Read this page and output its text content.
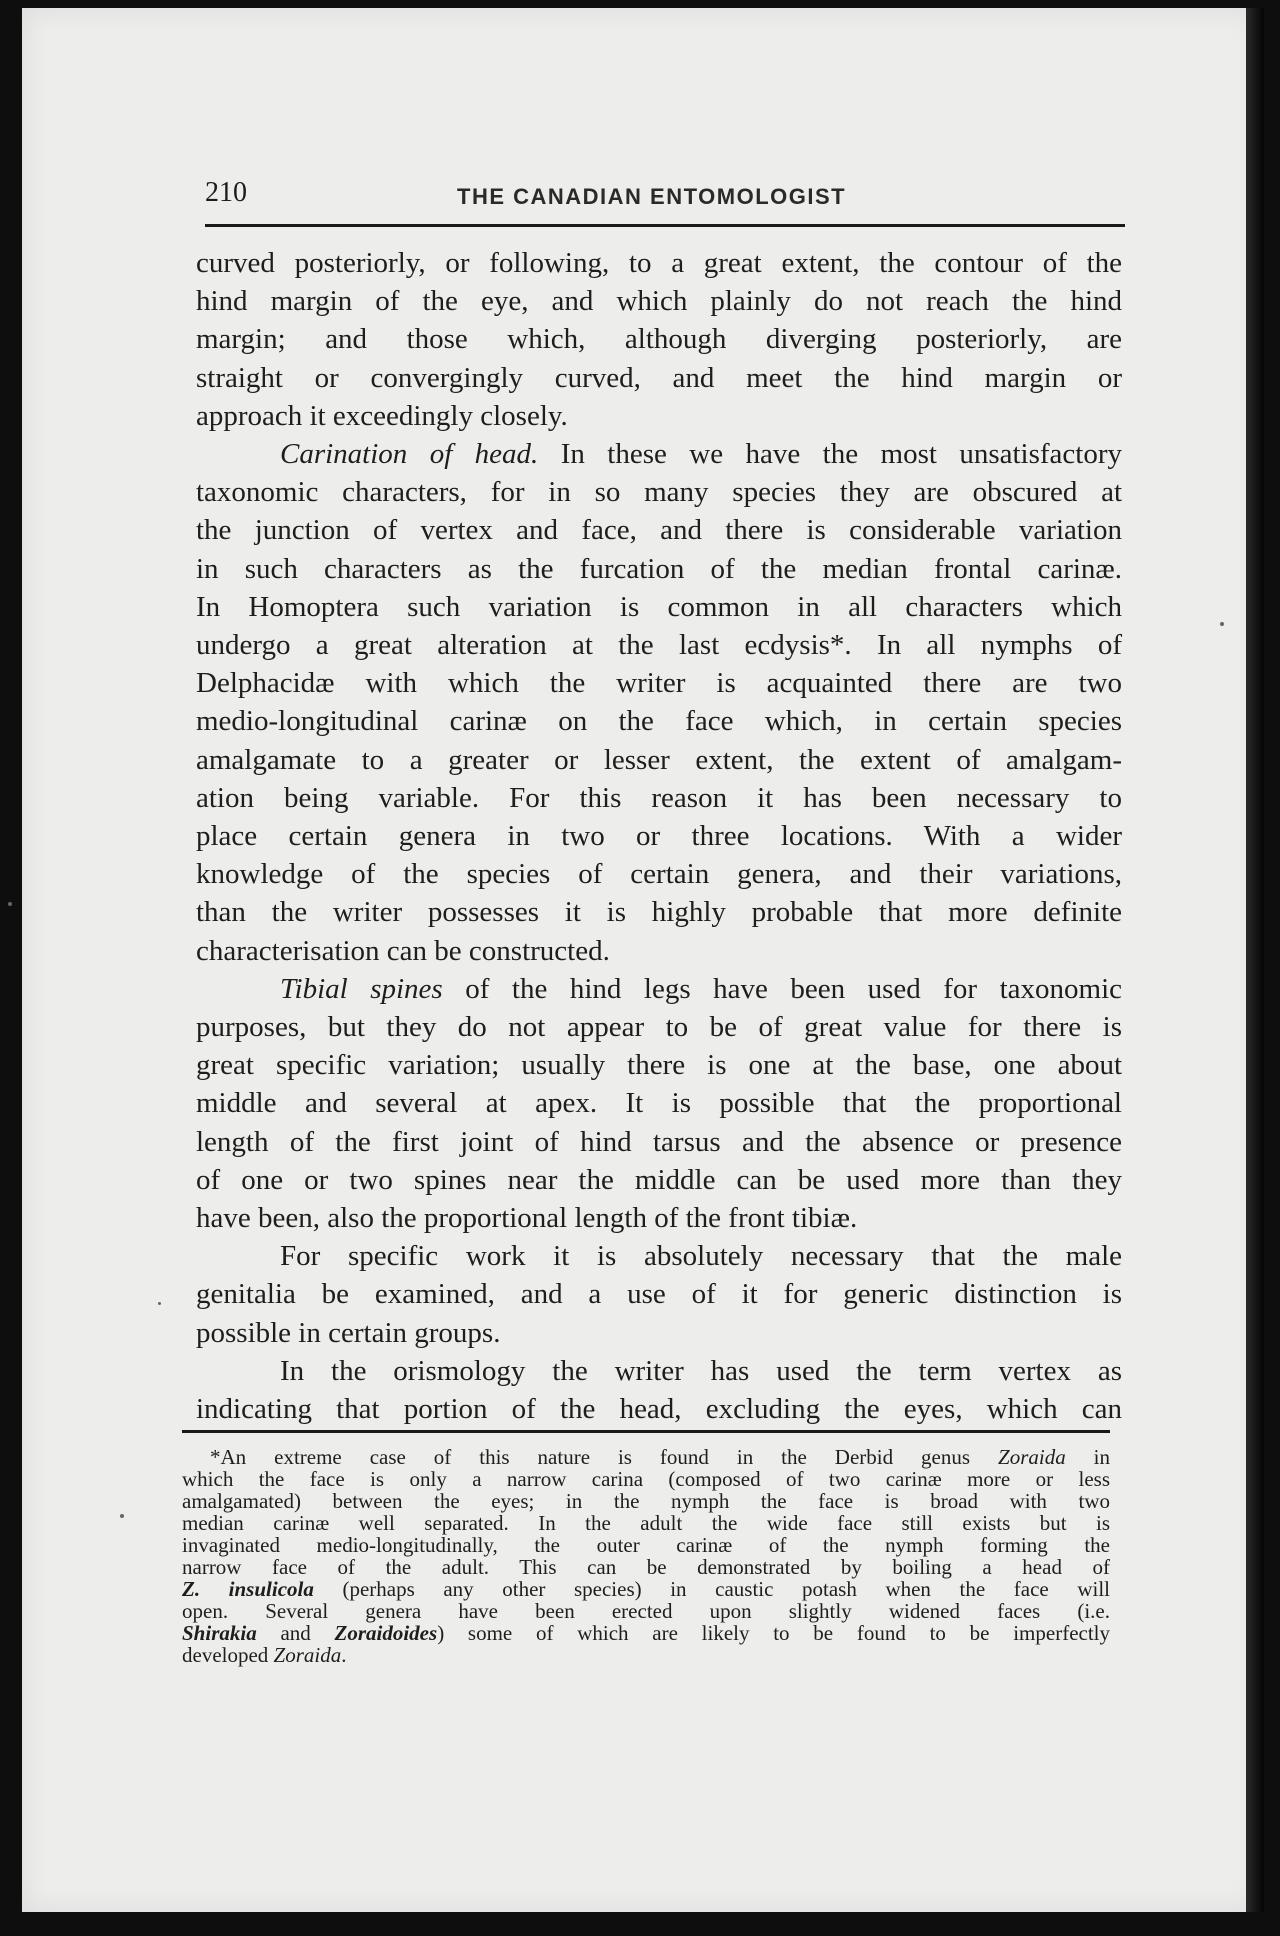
210	THE CANADIAN ENTOMOLOGIST
curved posteriorly, or following, to a great extent, the contour of the
hind margin of the eye, and which plainly do not reach the hind
margin; and those which, although diverging posteriorly, are
straight or convergingly curved, and meet the hind margin or
approach it exceedingly closely.
Carination of head. In these we have the most unsatisfactory
taxonomic characters, for in so many species they are obscured at
the junction of vertex and face, and there is considerable variation
in such characters as the furcation of the median frontal carinæ.
In Homoptera such variation is common in all characters which
undergo a great alteration at the last ecdysis*. In all nymphs of
Delphacidæ with which the writer is acquainted there are two
medio-longitudinal carinæ on the face which, in certain species
amalgamate to a greater or lesser extent, the extent of amalgam-
ation being variable. For this reason it has been necessary to
place certain genera in two or three locations. With a wider
knowledge of the species of certain genera, and their variations,
than the writer possesses it is highly probable that more definite
characterisation can be constructed.
Tibial spines of the hind legs have been used for taxonomic
purposes, but they do not appear to be of great value for there is
great specific variation; usually there is one at the base, one about
middle and several at apex. It is possible that the proportional
length of the first joint of hind tarsus and the absence or presence
of one or two spines near the middle can be used more than they
have been, also the proportional length of the front tibiæ.
For specific work it is absolutely necessary that the male
genitalia be examined, and a use of it for generic distinction is
possible in certain groups.
In the orismology the writer has used the term vertex as
indicating that portion of the head, excluding the eyes, which can
*An extreme case of this nature is found in the Derbid genus Zoraida in
which the face is only a narrow carina (composed of two carinæ more or less
amalgamated) between the eyes; in the nymph the face is broad with two
median carinæ well separated. In the adult the wide face still exists but is
invaginated medio-longitudinally, the outer carinæ of the nymph forming the
narrow face of the adult. This can be demonstrated by boiling a head of
Z. insulicola (perhaps any other species) in caustic potash when the face will
open. Several genera have been erected upon slightly widened faces (i.e.
Shirakia and Zoraidoides) some of which are likely to be found to be imperfectly
developed Zoraida.
